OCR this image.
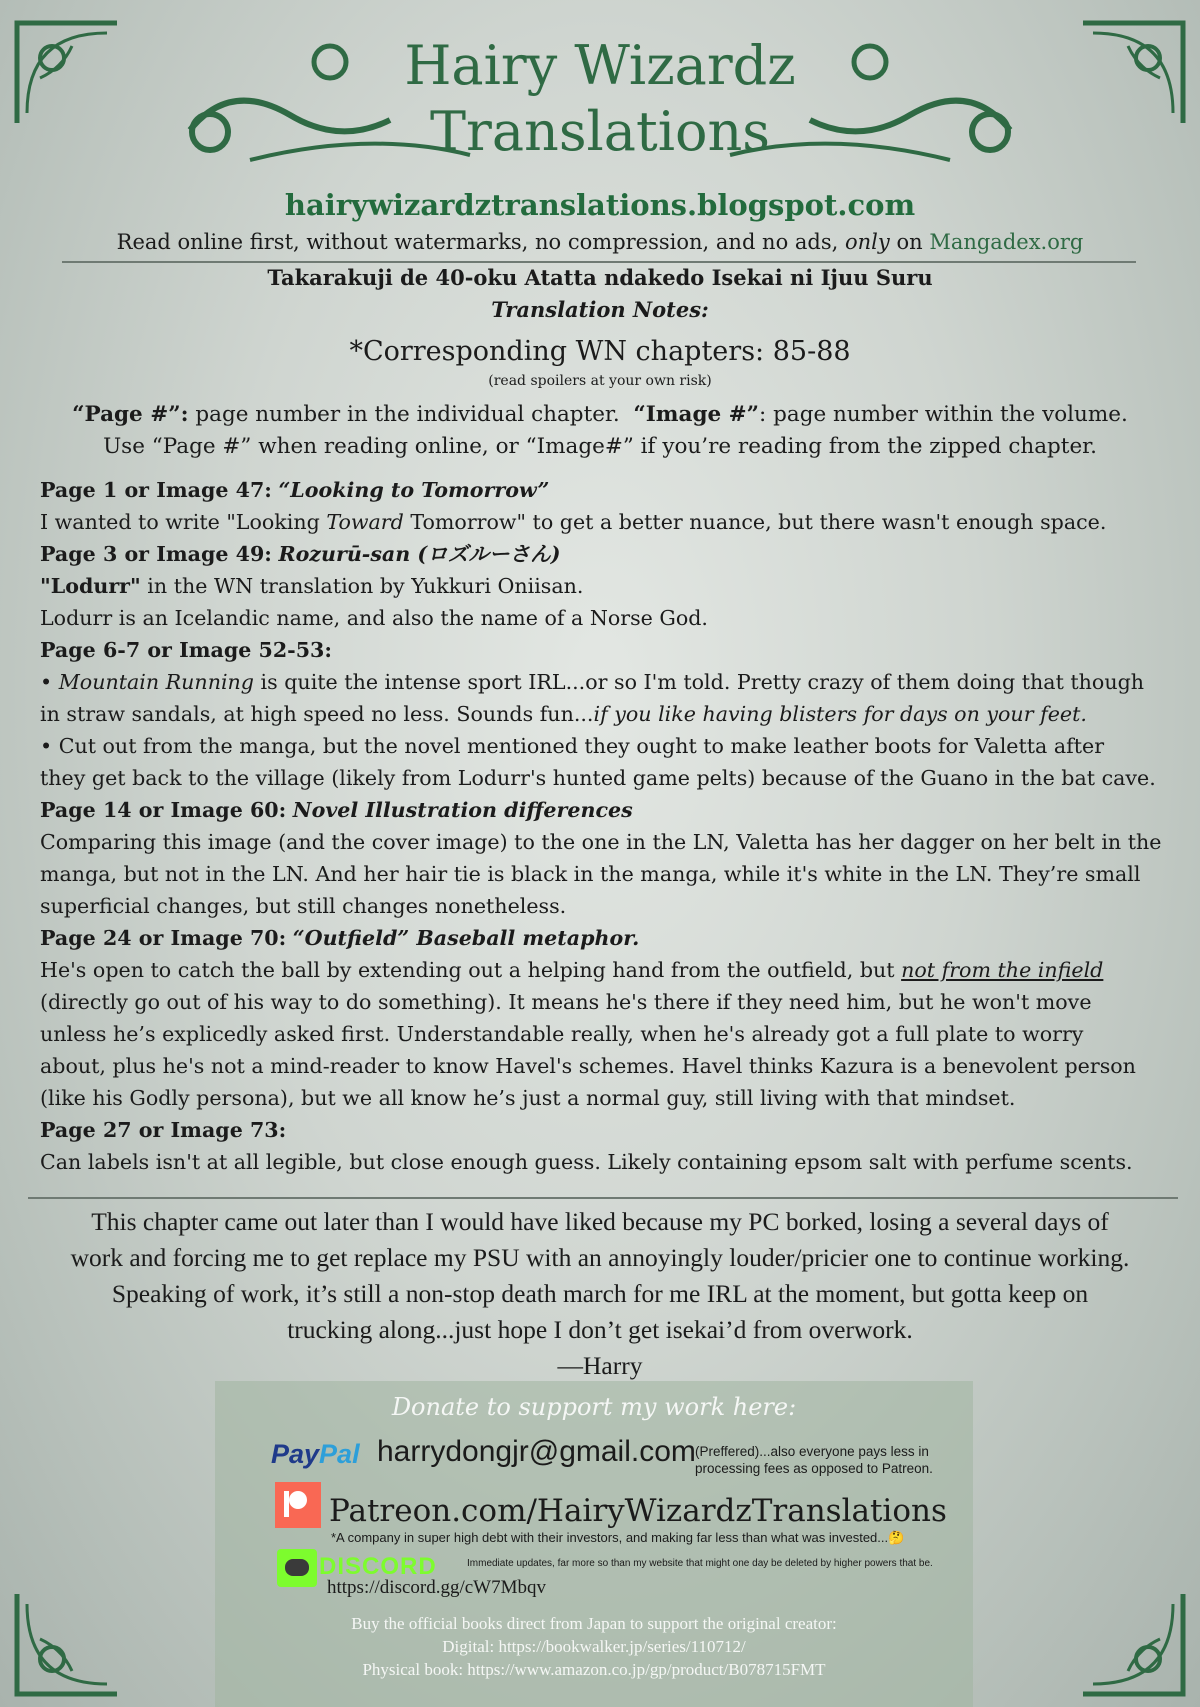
Hairy Wizardz
Translations
hairywizardztranslations.blogspot.com
Read online first, without watermarks, no compression, and no ads, only on Mangadex.org
Takarakuji de 40-oku Atatta ndakedo Isekai ni Ijuu Suru
Translation Notes:
*Corresponding WN chapters: 85-88
(read spoilers at your own risk)
“Page #”: page number in the individual chapter. “Image #”: page number within the volume.
Use “Page #” when reading online, or “Image#” if you’re reading from the zipped chapter.

Page 1 or Image 47: “Looking to Tomorrow”

I wanted to write "Looking Toward Tomorrow" to get a better nuance, but there wasn't enough space.

Page 3 or Image 49: Rozurū-san (ロズルーさん)

"Lodurr" in the WN translation by Yukkuri Oniisan.

Lodurr is an Icelandic name, and also the name of a Norse God.

Page 6-7 or Image 52-53:

• Mountain Running is quite the intense sport IRL...or so I'm told. Pretty crazy of them doing that though

in straw sandals, at high speed no less. Sounds fun...if you like having blisters for days on your feet.

• Cut out from the manga, but the novel mentioned they ought to make leather boots for Valetta after

they get back to the village (likely from Lodurr's hunted game pelts) because of the Guano in the bat cave.

Page 14 or Image 60: Novel Illustration differences

Comparing this image (and the cover image) to the one in the LN, Valetta has her dagger on her belt in the

manga, but not in the LN. And her hair tie is black in the manga, while it's white in the LN. They’re small

superficial changes, but still changes nonetheless.

Page 24 or Image 70: “Outfield” Baseball metaphor.

He's open to catch the ball by extending out a helping hand from the outfield, but not from the infield

(directly go out of his way to do something). It means he's there if they need him, but he won't move

unless he’s explicedly asked first. Understandable really, when he's already got a full plate to worry

about, plus he's not a mind-reader to know Havel's schemes. Havel thinks Kazura is a benevolent person

(like his Godly persona), but we all know he’s just a normal guy, still living with that mindset.

Page 27 or Image 73:

Can labels isn't at all legible, but close enough guess. Likely containing epsom salt with perfume scents.

This chapter came out later than I would have liked because my PC borked, losing a several days of

work and forcing me to get replace my PSU with an annoyingly louder/pricier one to continue working.

Speaking of work, it’s still a non-stop death march for me IRL at the moment, but gotta keep on

trucking along...just hope I don’t get isekai’d from overwork.

—Harry

Donate to support my work here:
PayPal harrydongjr@gmail.com (Preffered)...also everyone pays less in
processing fees as opposed to Patreon.
Patreon.com/HairyWizardzTranslations
*A company in super high debt with their investors, and making far less than what was invested...🤔
DISCORD	Immediate updates, far more so than my website that might one day be deleted by higher powers that be.
https://discord.gg/cW7Mbqv

Buy the official books direct from Japan to support the original creator:

Digital: https://bookwalker.jp/series/110712/

Physical book: https://www.amazon.co.jp/gp/product/B078715FMT
